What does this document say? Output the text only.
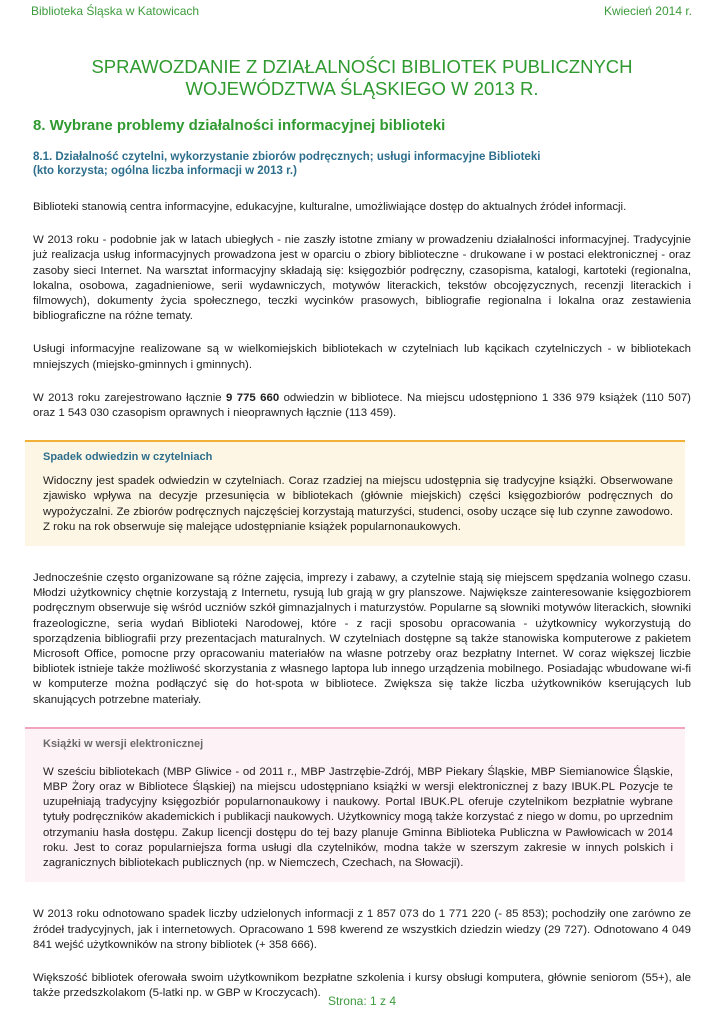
Biblioteka Śląska w Katowicach	Kwiecień 2014 r.
SPRAWOZDANIE Z DZIAŁALNOŚCI BIBLIOTEK PUBLICZNYCH
WOJEWÓDZTWA ŚLĄSKIEGO W 2013 R.
8. Wybrane problemy działalności informacyjnej biblioteki
8.1. Działalność czytelni, wykorzystanie zbiorów podręcznych; usługi informacyjne Biblioteki
(kto korzysta; ogólna liczba informacji w 2013 r.)

Biblioteki stanowią centra informacyjne, edukacyjne, kulturalne, umożliwiające dostęp do aktualnych źródeł informacji.

W 2013 roku - podobnie jak w latach ubiegłych - nie zaszły istotne zmiany w prowadzeniu działalności informacyjnej. Tradycyjnie już realizacja usług informacyjnych prowadzona jest w oparciu o zbiory biblioteczne - drukowane i w postaci elektronicznej - oraz zasoby sieci Internet. Na warsztat informacyjny składają się: księgozbiór podręczny, czasopisma, katalogi, kartoteki (regionalna, lokalna, osobowa, zagadnieniowe, serii wydawniczych, motywów literackich, tekstów obcojęzycznych, recenzji literackich i filmowych), dokumenty życia społecznego, teczki wycinków prasowych, bibliografie regionalna i lokalna oraz zestawienia bibliograficzne na różne tematy.

Usługi informacyjne realizowane są w wielkomiejskich bibliotekach w czytelniach lub kącikach czytelniczych - w bibliotekach mniejszych (miejsko-gminnych i gminnych).

W 2013 roku zarejestrowano łącznie 9 775 660 odwiedzin w bibliotece. Na miejscu udostępniono 1 336 979 książek (110 507) oraz 1 543 030 czasopism oprawnych i nieoprawnych łącznie (113 459).

Spadek odwiedzin w czytelniach

Widoczny jest spadek odwiedzin w czytelniach. Coraz rzadziej na miejscu udostępnia się tradycyjne książki. Obserwowane zjawisko wpływa na decyzje przesunięcia w bibliotekach (głównie miejskich) części księgozbiorów podręcznych do wypożyczalni. Ze zbiorów podręcznych najczęściej korzystają maturzyści, studenci, osoby uczące się lub czynne zawodowo. Z roku na rok obserwuje się malejące udostępnianie książek popularnonaukowych.

Jednocześnie często organizowane są różne zajęcia, imprezy i zabawy, a czytelnie stają się miejscem spędzania wolnego czasu. Młodzi użytkownicy chętnie korzystają z Internetu, rysują lub grają w gry planszowe. Największe zainteresowanie księgozbiorem podręcznym obserwuje się wśród uczniów szkół gimnazjalnych i maturzystów. Popularne są słowniki motywów literackich, słowniki frazeologiczne, seria wydań Biblioteki Narodowej, które - z racji sposobu opracowania - użytkownicy wykorzystują do sporządzenia bibliografii przy prezentacjach maturalnych. W czytelniach dostępne są także stanowiska komputerowe z pakietem Microsoft Office, pomocne przy opracowaniu materiałów na własne potrzeby oraz bezpłatny Internet. W coraz większej liczbie bibliotek istnieje także możliwość skorzystania z własnego laptopa lub innego urządzenia mobilnego. Posiadając wbudowane wi-fi w komputerze można podłączyć się do hot-spota w bibliotece. Zwiększa się także liczba użytkowników kserujących lub skanujących potrzebne materiały.

Książki w wersji elektronicznej

W sześciu bibliotekach (MBP Gliwice - od 2011 r., MBP Jastrzębie-Zdrój, MBP Piekary Śląskie, MBP Siemianowice Śląskie, MBP Żory oraz w Bibliotece Śląskiej) na miejscu udostępniano książki w wersji elektronicznej z bazy IBUK.PL Pozycje te uzupełniają tradycyjny księgozbiór popularnonaukowy i naukowy. Portal IBUK.PL oferuje czytelnikom bezpłatnie wybrane tytuły podręczników akademickich i publikacji naukowych. Użytkownicy mogą także korzystać z niego w domu, po uprzednim otrzymaniu hasła dostępu. Zakup licencji dostępu do tej bazy planuje Gminna Biblioteka Publiczna w Pawłowicach w 2014 roku. Jest to coraz popularniejsza forma usługi dla czytelników, modna także w szerszym zakresie w innych polskich i zagranicznych bibliotekach publicznych (np. w Niemczech, Czechach, na Słowacji).

W 2013 roku odnotowano spadek liczby udzielonych informacji z 1 857 073 do 1 771 220 (- 85 853); pochodziły one zarówno ze źródeł tradycyjnych, jak i internetowych. Opracowano 1 598 kwerend ze wszystkich dziedzin wiedzy (29 727). Odnotowano 4 049 841 wejść użytkowników na strony bibliotek (+ 358 666).

Większość bibliotek oferowała swoim użytkownikom bezpłatne szkolenia i kursy obsługi komputera, głównie seniorom (55+), ale także przedszkolakom (5-latki np. w GBP w Kroczycach).

Strona: 1 z 4
